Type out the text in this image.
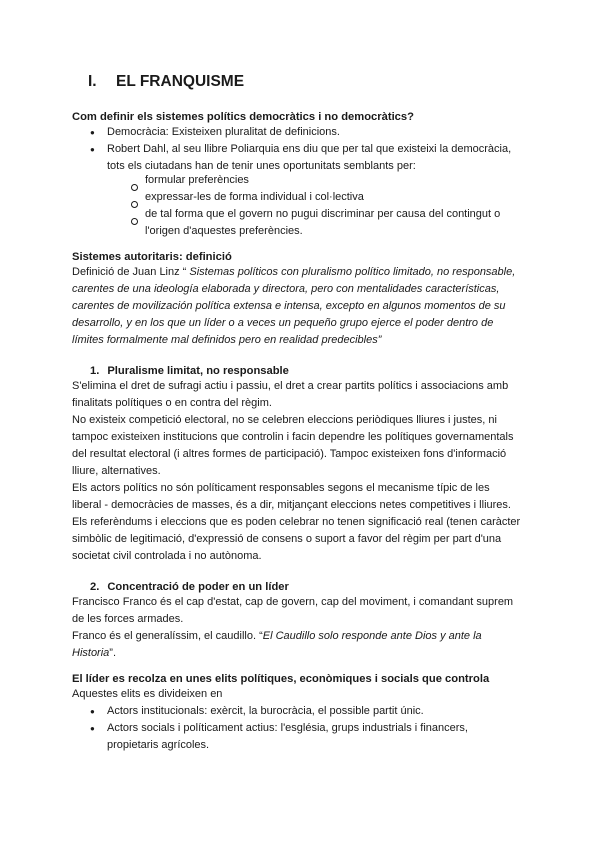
I. EL FRANQUISME
Com definir els sistemes polítics democràtics i no democràtics?
● Democràcia: Existeixen pluralitat de definicions.
● Robert Dahl, al seu llibre Poliarquia ens diu que per tal que existeixi la democràcia,
tots els ciutadans han de tenir unes oportunitats semblants per:
formular preferències
expressar-les de forma individual i col·lectiva
de tal forma que el govern no pugui discriminar per causa del contingut o
l'origen d'aquestes preferències.
Sistemes autoritaris: definició
Definició de Juan Linz “ Sistemas políticos con pluralismo político limitado, no responsable,
carentes de una ideología elaborada y directora, pero con mentalidades características,
carentes de movilización política extensa e intensa, excepto en algunos momentos de su
desarrollo, y en los que un líder o a veces un pequeño grupo ejerce el poder dentro de
límites formalmente mal definidos pero en realidad predecibles”
1. Pluralisme limitat, no responsable
S'elimina el dret de sufragi actiu i passiu, el dret a crear partits polítics i associacions amb
finalitats polítiques o en contra del règim.
No existeix competició electoral, no se celebren eleccions periòdiques lliures i justes, ni
tampoc existeixen institucions que controlin i facin dependre les polítiques governamentals
del resultat electoral (i altres formes de participació). Tampoc existeixen fons d'informació
lliure, alternatives.
Els actors polítics no són políticament responsables segons el mecanisme típic de les
liberal - democràcies de masses, és a dir, mitjançant eleccions netes competitives i lliures.
Els referèndums i eleccions que es poden celebrar no tenen significació real (tenen caràcter
simbòlic de legitimació, d'expressió de consens o suport a favor del règim per part d'una
societat civil controlada i no autònoma.
2. Concentració de poder en un líder
Francisco Franco és el cap d'estat, cap de govern, cap del moviment, i comandant suprem
de les forces armades.
Franco és el generalíssim, el caudillo. “El Caudillo solo responde ante Dios y ante la
Historia”.
El líder es recolza en unes elits polítiques, econòmiques i socials que controla
Aquestes elits es divideixen en
● Actors institucionals: exèrcit, la burocràcia, el possible partit únic.
● Actors socials i políticament actius: l'església, grups industrials i financers,
propietaris agrícoles.
